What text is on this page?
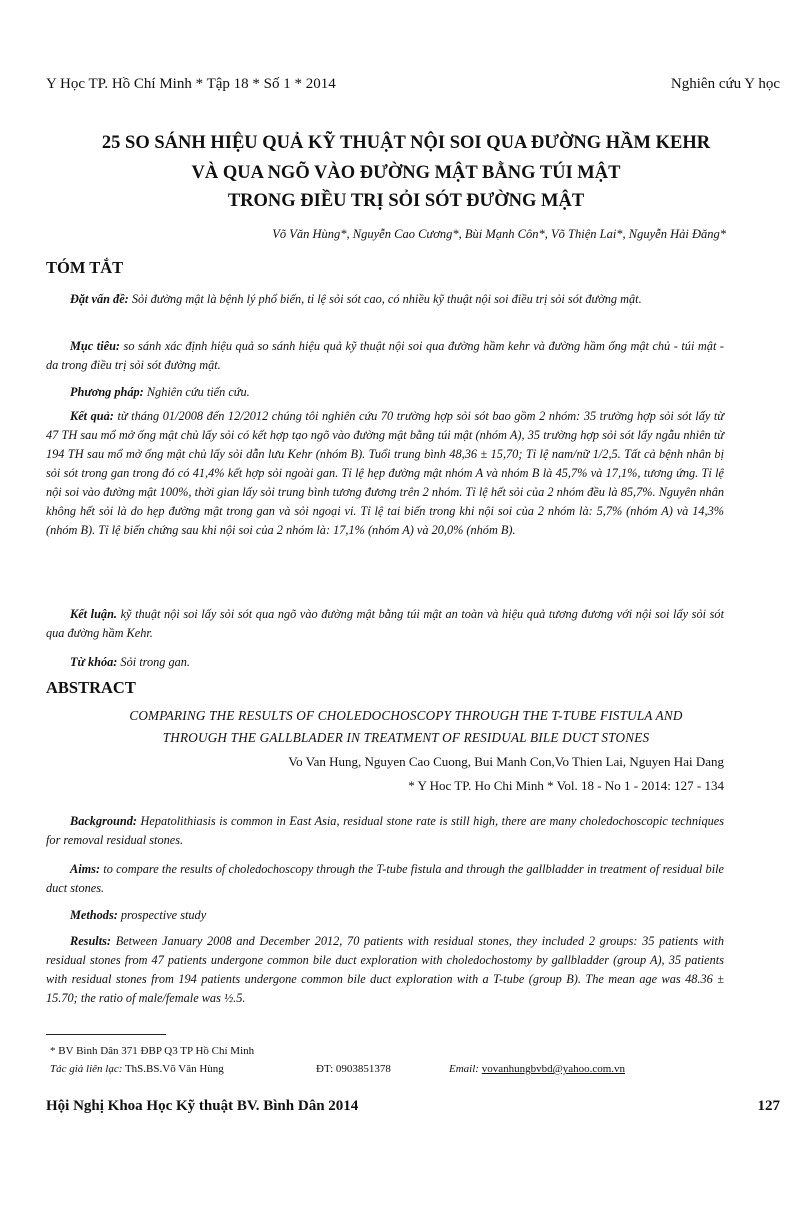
Y Học TP. Hồ Chí Minh * Tập 18 * Số 1 * 2014	Nghiên cứu Y học
25 SO SÁNH HIỆU QUẢ KỸ THUẬT NỘI SOI QUA ĐƯỜNG HẦM KEHR
VÀ QUA NGÕ VÀO ĐƯỜNG MẬT BẰNG TÚI MẬT
TRONG ĐIỀU TRỊ SỎI SÓT ĐƯỜNG MẬT
Võ Văn Hùng*, Nguyễn Cao Cương*, Bùi Mạnh Côn*, Võ Thiện Lai*, Nguyễn Hải Đăng*
TÓM TẮT
Đặt vấn đề: Sỏi đường mật là bệnh lý phổ biến, tỉ lệ sỏi sót cao, có nhiều kỹ thuật nội soi điều trị sỏi sót đường mật.
Mục tiêu: so sánh xác định hiệu quả so sánh hiệu quả kỹ thuật nội soi qua đường hầm kehr và đường hầm ống mật chủ - túi mật - da trong điều trị sỏi sót đường mật.
Phương pháp: Nghiên cứu tiến cứu.
Kết quả: từ tháng 01/2008 đến 12/2012 chúng tôi nghiên cứu 70 trường hợp sỏi sót bao gồm 2 nhóm: 35 trường hợp sỏi sót lấy từ 47 TH sau mổ mở ống mật chủ lấy sỏi có kết hợp tạo ngõ vào đường mật bằng túi mật (nhóm A), 35 trường hợp sỏi sót lấy ngẫu nhiên từ 194 TH sau mổ mở ống mật chủ lấy sỏi dẫn lưu Kehr (nhóm B). Tuổi trung bình 48,36 ± 15,70; Tỉ lệ nam/nữ 1/2,5. Tất cả bệnh nhân bị sỏi sót trong gan trong đó có 41,4% kết hợp sỏi ngoài gan. Tỉ lệ hẹp đường mật nhóm A và nhóm B là 45,7% và 17,1%, tương ứng. Tỉ lệ nội soi vào đường mật 100%, thời gian lấy sỏi trung bình tương đương trên 2 nhóm. Tỉ lệ hết sỏi của 2 nhóm đều là 85,7%. Nguyên nhân không hết sỏi là do hẹp đường mật trong gan và sỏi ngoại vi. Tỉ lệ tai biến trong khi nội soi của 2 nhóm là: 5,7% (nhóm A) và 14,3% (nhóm B). Tỉ lệ biến chứng sau khi nội soi của 2 nhóm là: 17,1% (nhóm A) và 20,0% (nhóm B).
Kết luận. kỹ thuật nội soi lấy sỏi sót qua ngõ vào đường mật bằng túi mật an toàn và hiệu quả tương đương với nội soi lấy sỏi sót qua đường hầm Kehr.
Từ khóa: Sỏi trong gan.
ABSTRACT
COMPARING THE RESULTS OF CHOLEDOCHOSCOPY THROUGH THE T-TUBE FISTULA AND
THROUGH THE GALLBLADER IN TREATMENT OF RESIDUAL BILE DUCT STONES
Vo Van Hung, Nguyen Cao Cuong, Bui Manh Con,Vo Thien Lai, Nguyen Hai Dang
* Y Hoc TP. Ho Chi Minh * Vol. 18 - No 1 - 2014: 127 - 134
Background: Hepatolithiasis is common in East Asia, residual stone rate is still high, there are many choledochoscopic techniques for removal residual stones.
Aims: to compare the results of choledochoscopy through the T-tube fistula and through the gallbladder in treatment of residual bile duct stones.
Methods: prospective study
Results: Between January 2008 and December 2012, 70 patients with residual stones, they included 2 groups: 35 patients with residual stones from 47 patients undergone common bile duct exploration with choledochostomy by gallbladder (group A), 35 patients with residual stones from 194 patients undergone common bile duct exploration with a T-tube (group B). The mean age was 48.36 ± 15.70; the ratio of male/female was ½.5.
* BV Bình Dân 371 ĐBP Q3 TP Hồ Chí Minh
Tác giả liên lạc: ThS.BS.Võ Văn Hùng	ĐT: 0903851378	Email: vovanhungbvbd@yahoo.com.vn
Hội Nghị Khoa Học Kỹ thuật BV. Bình Dân 2014	127
